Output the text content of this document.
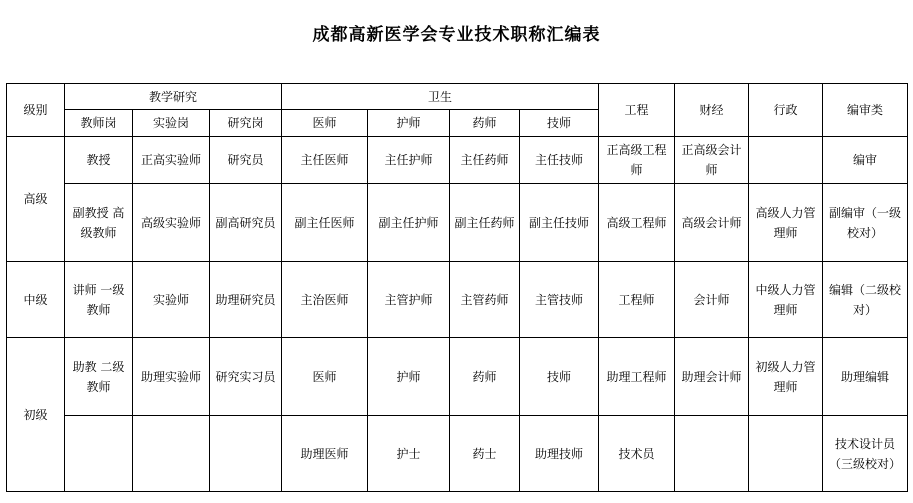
成都高新医学会专业技术职称汇编表
级别	教学研究			卫生				工程	财经	行政	编审类
	教师岗	实验岗	研究岗	医师	护师	药师	技师				
高级	教授	正高实验师	研究员	主任医师	主任护师	主任药师	主任技师	正高级工程师	正高级会计师		编审
	副教授 高级教师	高级实验师	副高研究员	副主任医师	副主任护师	副主任药师	副主任技师	高级工程师	高级会计师	高级人力管理师	副编审（一级校对）
中级	讲师 一级教师	实验师	助理研究员	主治医师	主管护师	主管药师	主管技师	工程师	会计师	中级人力管理师	编辑（二级校对）
初级	助教 二级教师	助理实验师	研究实习员	医师	护师	药师	技师	助理工程师	助理会计师	初级人力管理师	助理编辑
				助理医师	护士	药士	助理技师	技术员			技术设计员（三级校对）
